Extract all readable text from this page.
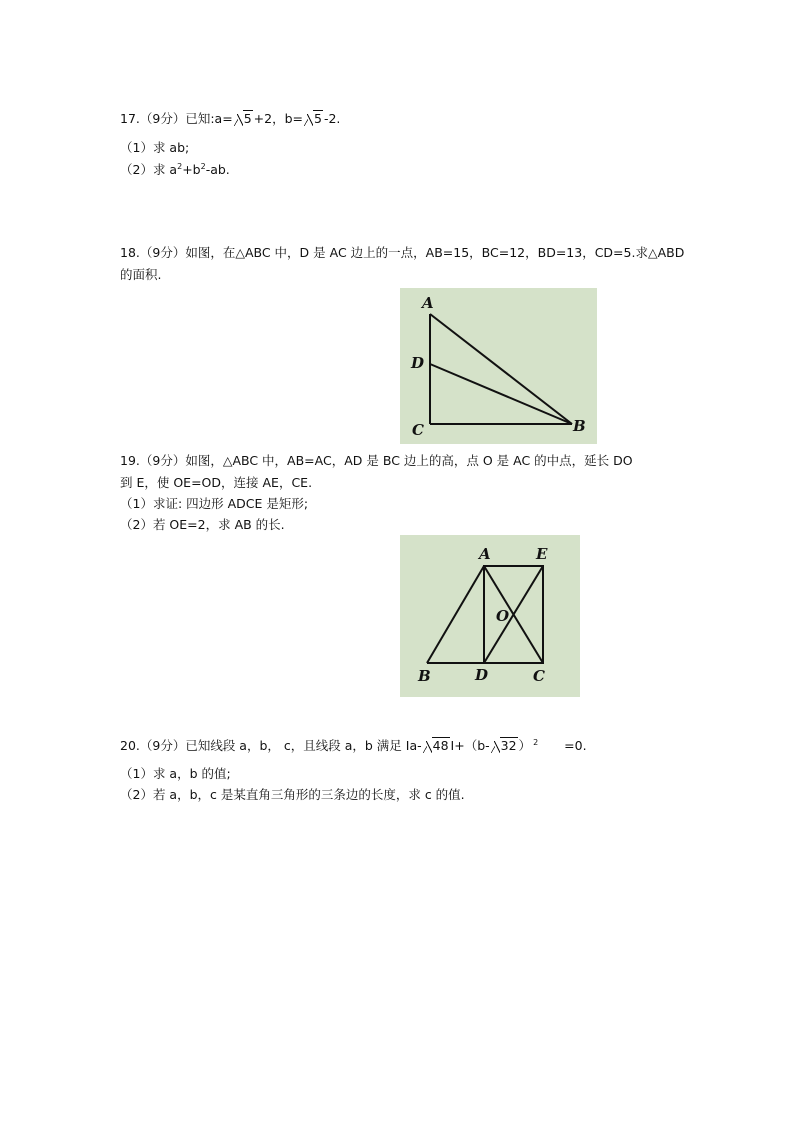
17.（9分）已知:a= 5 +2，b= 5 -2.
（1）求 ab;
（2）求 $a^2+b^2-ab$.
18.（9分）如图，在△ABC 中，D 是 AC 边上的一点，AB=15，BC=12，BD=13，CD=5.求△ABD
的面积.
A
D
C	B
19.（9分）如图，△ABC 中，AB=AC，AD 是 BC 边上的高，点 O 是 AC 的中点，延长 DO
到 E，使 OE=OD，连接 AE，CE.
（1）求证: 四边形 ADCE 是矩形;
（2）若 OE=2，求 AB 的长.
A	E
O
B	D	C
20.（9分）已知线段 a，b， c，且线段 a，b 满足 Ia- 48 I+（b- 32 ） $^2$ =0.
（1）求 a，b 的值;
（2）若 a，b，c 是某直角三角形的三条边的长度，求 c 的值.
